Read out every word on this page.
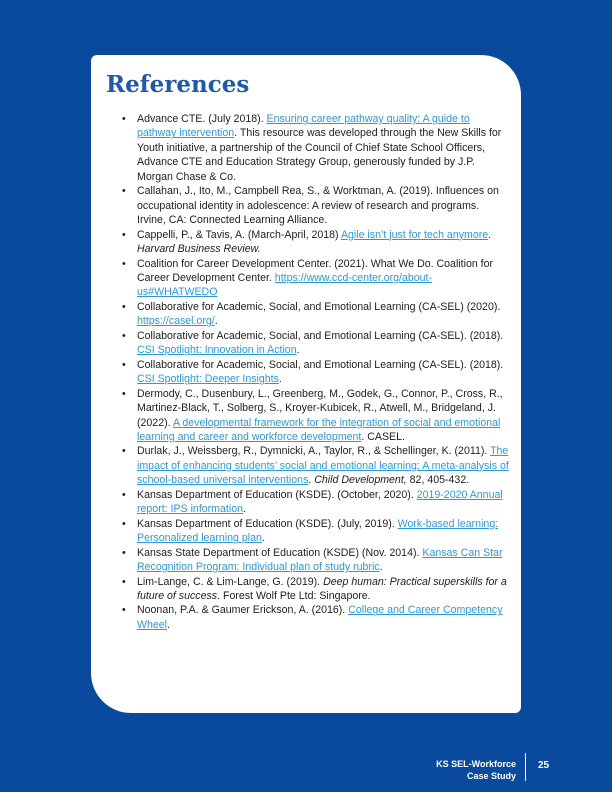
References
• Advance CTE. (July 2018). Ensuring career pathway quality: A guide to pathway intervention. This resource was developed through the New Skills for Youth initiative, a partnership of the Council of Chief State School Officers, Advance CTE and Education Strategy Group, generously funded by J.P. Morgan Chase & Co.
• Callahan, J., Ito, M., Campbell Rea, S., & Worktman, A. (2019). Influences on occupational identity in adolescence: A review of research and programs. Irvine, CA: Connected Learning Alliance.
• Cappelli, P., & Tavis, A. (March-April, 2018) Agile isn’t just for tech anymore. Harvard Business Review.
• Coalition for Career Development Center. (2021). What We Do. Coalition for Career Development Center. https://www.ccd-center.org/about-us#WHATWEDO
• Collaborative for Academic, Social, and Emotional Learning (CA-SEL) (2020). https://casel.org/.
• Collaborative for Academic, Social, and Emotional Learning (CA-SEL). (2018). CSI Spotlight: Innovation in Action.
• Collaborative for Academic, Social, and Emotional Learning (CA-SEL). (2018). CSI Spotlight: Deeper Insights.
• Dermody, C., Dusenbury, L., Greenberg, M., Godek, G., Connor, P., Cross, R., Martinez-Black, T., Solberg, S., Kroyer-Kubicek, R., Atwell, M., Bridgeland, J. (2022). A developmental framework for the integration of social and emotional learning and career and workforce development. CASEL.
• Durlak, J., Weissberg, R., Dymnicki, A., Taylor, R., & Schellinger, K. (2011). The impact of enhancing students’ social and emotional learning: A meta-analysis of school-based universal interventions. Child Development, 82, 405-432.
• Kansas Department of Education (KSDE). (October, 2020). 2019-2020 Annual report: IPS information.
• Kansas Department of Education (KSDE). (July, 2019). Work-based learning: Personalized learning plan.
• Kansas State Department of Education (KSDE) (Nov. 2014). Kansas Can Star Recognition Program: Individual plan of study rubric.
• Lim-Lange, C. & Lim-Lange, G. (2019). Deep human: Practical superskills for a future of success. Forest Wolf Pte Ltd: Singapore.
• Noonan, P.A. & Gaumer Erickson, A. (2016). College and Career Competency Wheel.
KS SEL-Workforce
Case Study
25
